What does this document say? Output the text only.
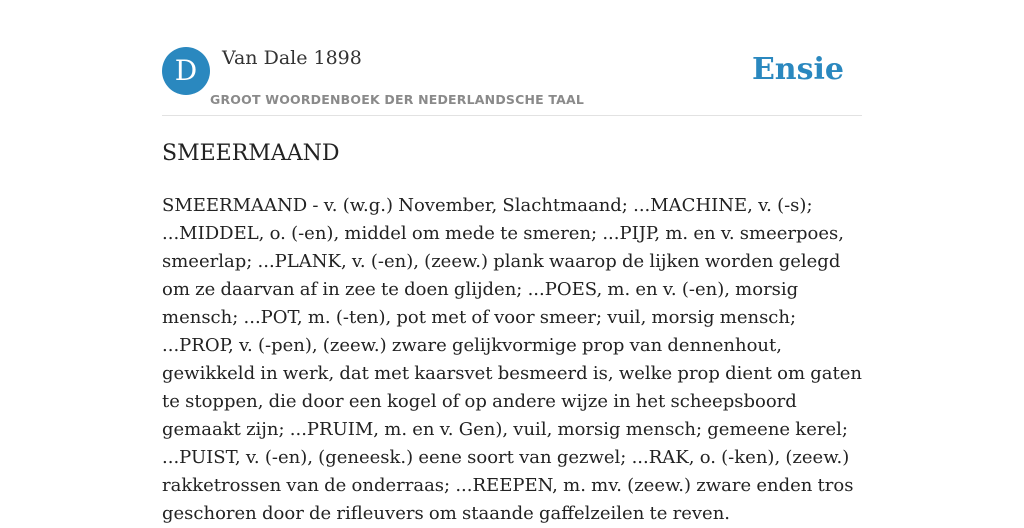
D	Van Dale 1898
GROOT WOORDENBOEK DER NEDERLANDSCHE TAAL
Ensie
SMEERMAAND

SMEERMAAND - v. (w.g.) November, Slachtmaand; ...MACHINE, v. (-s); ...MIDDEL, o. (-en), middel om mede te smeren; ...PIJP, m. en v. smeerpoes, smeerlap; ...PLANK, v. (-en), (zeew.) plank waarop de lijken worden gelegd om ze daarvan af in zee te doen glijden; ...POES, m. en v. (-en), morsig mensch; ...POT, m. (-ten), pot met of voor smeer; vuil, morsig mensch; ...PROP, v. (-pen), (zeew.) zware gelijkvormige prop van dennenhout, gewikkeld in werk, dat met kaarsvet besmeerd is, welke prop dient om gaten te stoppen, die door een kogel of op andere wijze in het scheepsboord gemaakt zijn; ...PRUIM, m. en v. Gen), vuil, morsig mensch; gemeene kerel; ...PUIST, v. (-en), (geneesk.) eene soort van gezwel; ...RAK, o. (-ken), (zeew.) rakketrossen van de onderraas; ...REEPEN, m. mv. (zeew.) zware enden tros geschoren door de rifleuvers om staande gaffelzeilen te reven.
